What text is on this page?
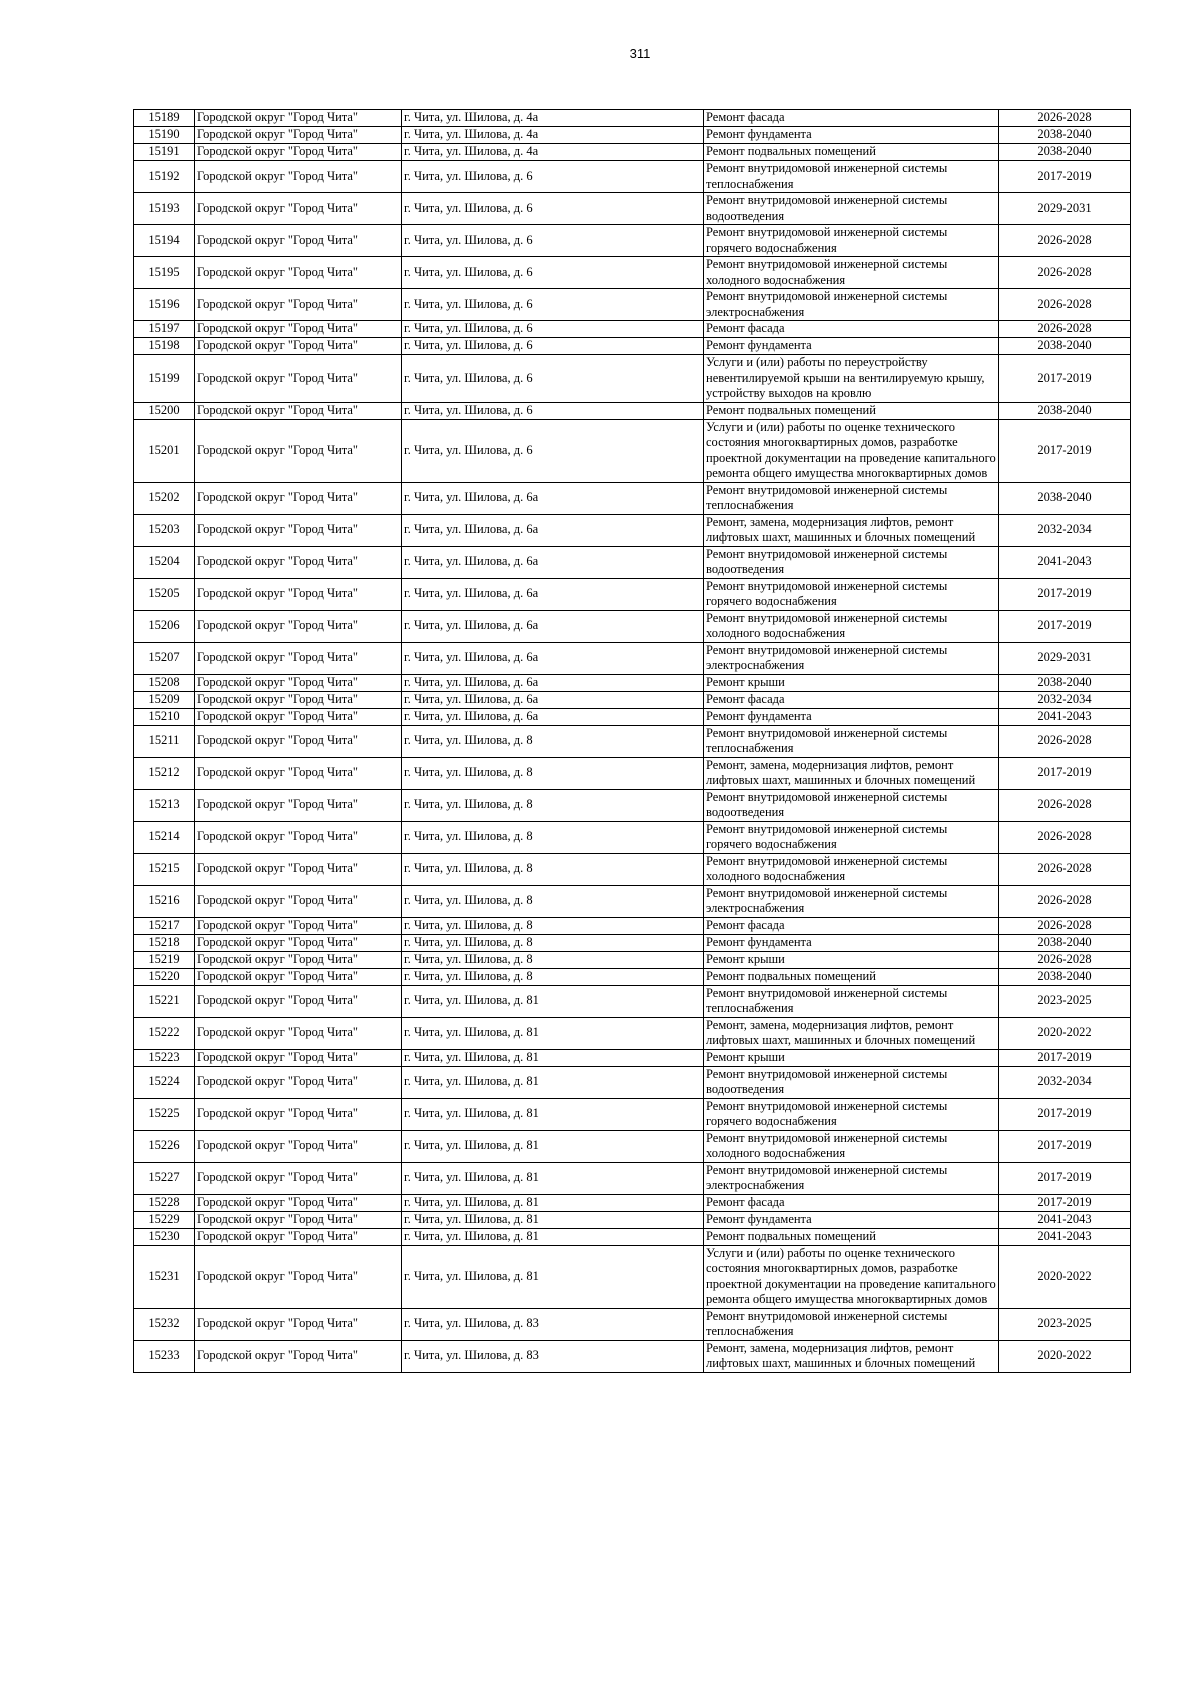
311
15189	Городской округ "Город Чита"	г. Чита, ул. Шилова, д. 4а	Ремонт фасада	2026-2028
15190	Городской округ "Город Чита"	г. Чита, ул. Шилова, д. 4а	Ремонт фундамента	2038-2040
15191	Городской округ "Город Чита"	г. Чита, ул. Шилова, д. 4а	Ремонт подвальных помещений	2038-2040
15192	Городской округ "Город Чита"	г. Чита, ул. Шилова, д. 6	Ремонт внутридомовой инженерной системы теплоснабжения	2017-2019
15193	Городской округ "Город Чита"	г. Чита, ул. Шилова, д. 6	Ремонт внутридомовой инженерной системы водоотведения	2029-2031
15194	Городской округ "Город Чита"	г. Чита, ул. Шилова, д. 6	Ремонт внутридомовой инженерной системы горячего водоснабжения	2026-2028
15195	Городской округ "Город Чита"	г. Чита, ул. Шилова, д. 6	Ремонт внутридомовой инженерной системы холодного водоснабжения	2026-2028
15196	Городской округ "Город Чита"	г. Чита, ул. Шилова, д. 6	Ремонт внутридомовой инженерной системы электроснабжения	2026-2028
15197	Городской округ "Город Чита"	г. Чита, ул. Шилова, д. 6	Ремонт фасада	2026-2028
15198	Городской округ "Город Чита"	г. Чита, ул. Шилова, д. 6	Ремонт фундамента	2038-2040
15199	Городской округ "Город Чита"	г. Чита, ул. Шилова, д. 6	Услуги и (или) работы по переустройству невентилируемой крыши на вентилируемую крышу, устройству выходов на кровлю	2017-2019
15200	Городской округ "Город Чита"	г. Чита, ул. Шилова, д. 6	Ремонт подвальных помещений	2038-2040
15201	Городской округ "Город Чита"	г. Чита, ул. Шилова, д. 6	Услуги и (или) работы по оценке технического состояния многоквартирных домов, разработке проектной документации на проведение капитального ремонта общего имущества многоквартирных домов	2017-2019
15202	Городской округ "Город Чита"	г. Чита, ул. Шилова, д. 6а	Ремонт внутридомовой инженерной системы теплоснабжения	2038-2040
15203	Городской округ "Город Чита"	г. Чита, ул. Шилова, д. 6а	Ремонт, замена, модернизация лифтов, ремонт лифтовых шахт, машинных и блочных помещений	2032-2034
15204	Городской округ "Город Чита"	г. Чита, ул. Шилова, д. 6а	Ремонт внутридомовой инженерной системы водоотведения	2041-2043
15205	Городской округ "Город Чита"	г. Чита, ул. Шилова, д. 6а	Ремонт внутридомовой инженерной системы горячего водоснабжения	2017-2019
15206	Городской округ "Город Чита"	г. Чита, ул. Шилова, д. 6а	Ремонт внутридомовой инженерной системы холодного водоснабжения	2017-2019
15207	Городской округ "Город Чита"	г. Чита, ул. Шилова, д. 6а	Ремонт внутридомовой инженерной системы электроснабжения	2029-2031
15208	Городской округ "Город Чита"	г. Чита, ул. Шилова, д. 6а	Ремонт крыши	2038-2040
15209	Городской округ "Город Чита"	г. Чита, ул. Шилова, д. 6а	Ремонт фасада	2032-2034
15210	Городской округ "Город Чита"	г. Чита, ул. Шилова, д. 6а	Ремонт фундамента	2041-2043
15211	Городской округ "Город Чита"	г. Чита, ул. Шилова, д. 8	Ремонт внутридомовой инженерной системы теплоснабжения	2026-2028
15212	Городской округ "Город Чита"	г. Чита, ул. Шилова, д. 8	Ремонт, замена, модернизация лифтов, ремонт лифтовых шахт, машинных и блочных помещений	2017-2019
15213	Городской округ "Город Чита"	г. Чита, ул. Шилова, д. 8	Ремонт внутридомовой инженерной системы водоотведения	2026-2028
15214	Городской округ "Город Чита"	г. Чита, ул. Шилова, д. 8	Ремонт внутридомовой инженерной системы горячего водоснабжения	2026-2028
15215	Городской округ "Город Чита"	г. Чита, ул. Шилова, д. 8	Ремонт внутридомовой инженерной системы холодного водоснабжения	2026-2028
15216	Городской округ "Город Чита"	г. Чита, ул. Шилова, д. 8	Ремонт внутридомовой инженерной системы электроснабжения	2026-2028
15217	Городской округ "Город Чита"	г. Чита, ул. Шилова, д. 8	Ремонт фасада	2026-2028
15218	Городской округ "Город Чита"	г. Чита, ул. Шилова, д. 8	Ремонт фундамента	2038-2040
15219	Городской округ "Город Чита"	г. Чита, ул. Шилова, д. 8	Ремонт крыши	2026-2028
15220	Городской округ "Город Чита"	г. Чита, ул. Шилова, д. 8	Ремонт подвальных помещений	2038-2040
15221	Городской округ "Город Чита"	г. Чита, ул. Шилова, д. 81	Ремонт внутридомовой инженерной системы теплоснабжения	2023-2025
15222	Городской округ "Город Чита"	г. Чита, ул. Шилова, д. 81	Ремонт, замена, модернизация лифтов, ремонт лифтовых шахт, машинных и блочных помещений	2020-2022
15223	Городской округ "Город Чита"	г. Чита, ул. Шилова, д. 81	Ремонт крыши	2017-2019
15224	Городской округ "Город Чита"	г. Чита, ул. Шилова, д. 81	Ремонт внутридомовой инженерной системы водоотведения	2032-2034
15225	Городской округ "Город Чита"	г. Чита, ул. Шилова, д. 81	Ремонт внутридомовой инженерной системы горячего водоснабжения	2017-2019
15226	Городской округ "Город Чита"	г. Чита, ул. Шилова, д. 81	Ремонт внутридомовой инженерной системы холодного водоснабжения	2017-2019
15227	Городской округ "Город Чита"	г. Чита, ул. Шилова, д. 81	Ремонт внутридомовой инженерной системы электроснабжения	2017-2019
15228	Городской округ "Город Чита"	г. Чита, ул. Шилова, д. 81	Ремонт фасада	2017-2019
15229	Городской округ "Город Чита"	г. Чита, ул. Шилова, д. 81	Ремонт фундамента	2041-2043
15230	Городской округ "Город Чита"	г. Чита, ул. Шилова, д. 81	Ремонт подвальных помещений	2041-2043
15231	Городской округ "Город Чита"	г. Чита, ул. Шилова, д. 81	Услуги и (или) работы по оценке технического состояния многоквартирных домов, разработке проектной документации на проведение капитального ремонта общего имущества многоквартирных домов	2020-2022
15232	Городской округ "Город Чита"	г. Чита, ул. Шилова, д. 83	Ремонт внутридомовой инженерной системы теплоснабжения	2023-2025
15233	Городской округ "Город Чита"	г. Чита, ул. Шилова, д. 83	Ремонт, замена, модернизация лифтов, ремонт лифтовых шахт, машинных и блочных помещений	2020-2022
